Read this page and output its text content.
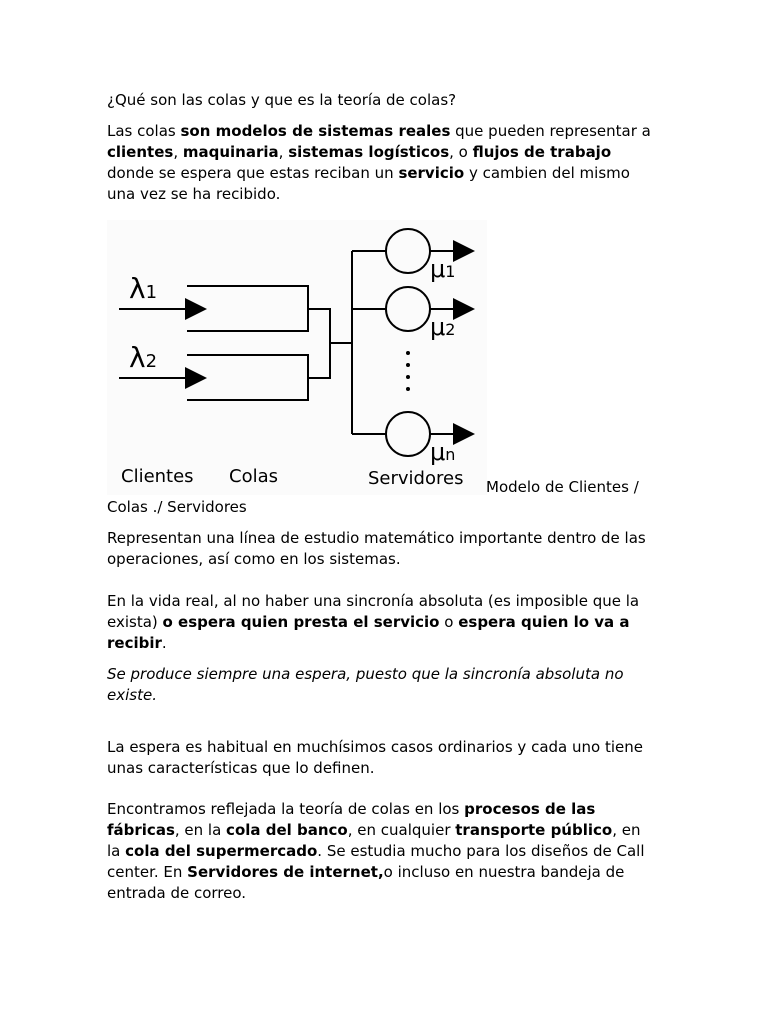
¿Qué son las colas y que es la teoría de colas?

Las colas son modelos de sistemas reales que pueden representar a clientes, maquinaria, sistemas logísticos, o flujos de trabajo donde se espera que estas reciban un servicio y cambien del mismo una vez se ha recibido.

λ1
λ2
μ1
μ2
μn
Clientes Colas	Servidores Modelo de Clientes /
Colas ./ Servidores

Representan una línea de estudio matemático importante dentro de las operaciones, así como en los sistemas.

En la vida real, al no haber una sincronía absoluta (es imposible que la exista) o espera quien presta el servicio o espera quien lo va a recibir.

Se produce siempre una espera, puesto que la sincronía absoluta no existe.

La espera es habitual en muchísimos casos ordinarios y cada uno tiene unas características que lo definen.

Encontramos reflejada la teoría de colas en los procesos de las fábricas, en la cola del banco, en cualquier transporte público, en la cola del supermercado. Se estudia mucho para los diseños de Call center. En Servidores de internet,o incluso en nuestra bandeja de entrada de correo.
